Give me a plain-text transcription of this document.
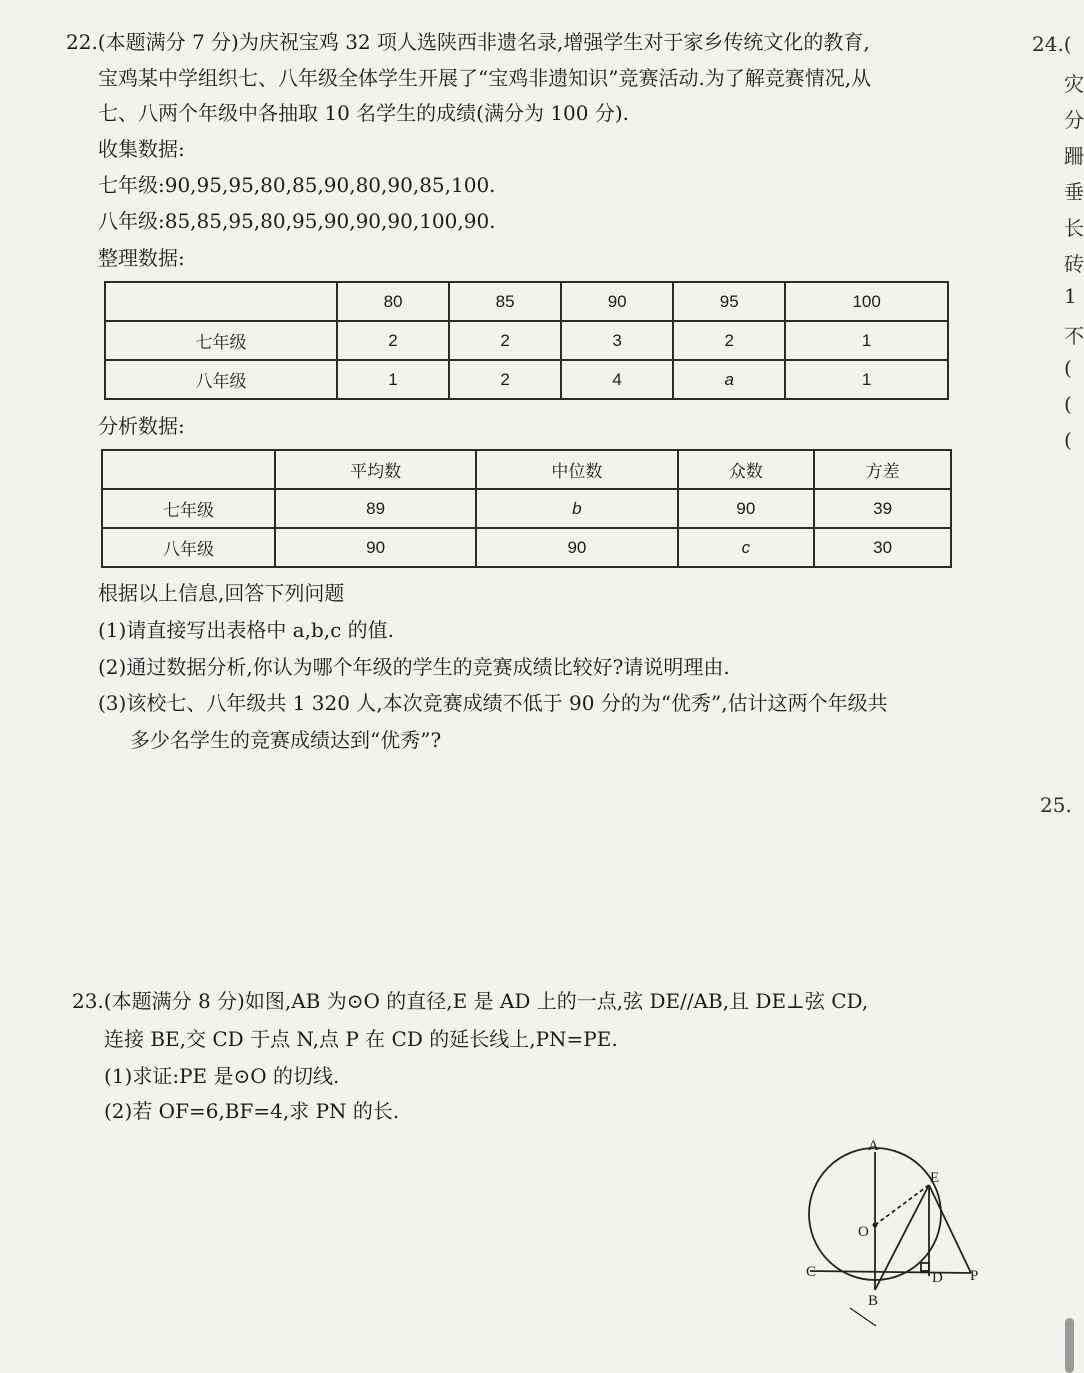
22.(本题满分 7 分)为庆祝宝鸡 32 项人选陕西非遗名录,增强学生对于家乡传统文化的教育,
宝鸡某中学组织七、八年级全体学生开展了“宝鸡非遗知识”竞赛活动.为了解竞赛情况,从
七、八两个年级中各抽取 10 名学生的成绩(满分为 100 分).
收集数据:
七年级:90,95,95,80,85,90,80,90,85,100.
八年级:85,85,95,80,95,90,90,90,100,90.
整理数据:
	80	85	90	95	100
七年级	2	2	3	2	1
八年级	1	2	4	a	1
分析数据:
	平均数	中位数	众数	方差
七年级	89	b	90	39
八年级	90	90	c	30
根据以上信息,回答下列问题
(1)请直接写出表格中 a,b,c 的值.
(2)通过数据分析,你认为哪个年级的学生的竞赛成绩比较好?请说明理由.
(3)该校七、八年级共 1 320 人,本次竞赛成绩不低于 90 分的为“优秀”,估计这两个年级共
多少名学生的竞赛成绩达到“优秀”?
23.(本题满分 8 分)如图,AB 为⊙O 的直径,E 是 AD 上的一点,弦 DE//AB,且 DE⊥弦 CD,
连接 BE,交 CD 于点 N,点 P 在 CD 的延长线上,PN=PE.
(1)求证:PE 是⊙O 的切线.
(2)若 OF=6,BF=4,求 PN 的长.
A
E
O
C	D P
B
24.(
灾
分
跚
垂
长
砖
1
不
(
(
(
25.
